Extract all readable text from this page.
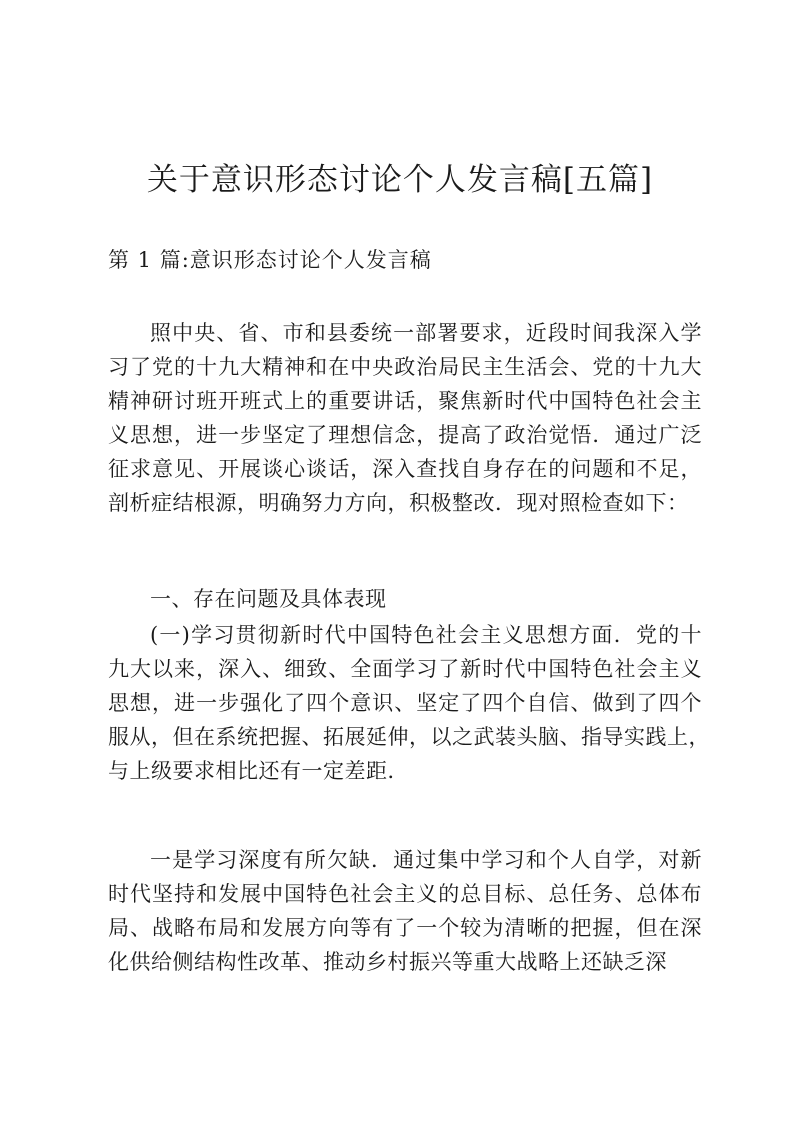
关于意识形态讨论个人发言稿[五篇]
第 1 篇:意识形态讨论个人发言稿
照中央、省、市和县委统一部署要求，近段时间我深入学
习了党的十九大精神和在中央政治局民主生活会、党的十九大
精神研讨班开班式上的重要讲话，聚焦新时代中国特色社会主
义思想，进一步坚定了理想信念，提高了政治觉悟．通过广泛
征求意见、开展谈心谈话，深入查找自身存在的问题和不足，
剖析症结根源，明确努力方向，积极整改．现对照检查如下：
一、存在问题及具体表现
(一)学习贯彻新时代中国特色社会主义思想方面．党的十
九大以来，深入、细致、全面学习了新时代中国特色社会主义
思想，进一步强化了四个意识、坚定了四个自信、做到了四个
服从，但在系统把握、拓展延伸，以之武装头脑、指导实践上，
与上级要求相比还有一定差距．
一是学习深度有所欠缺．通过集中学习和个人自学，对新
时代坚持和发展中国特色社会主义的总目标、总任务、总体布
局、战略布局和发展方向等有了一个较为清晰的把握，但在深
化供给侧结构性改革、推动乡村振兴等重大战略上还缺乏深
